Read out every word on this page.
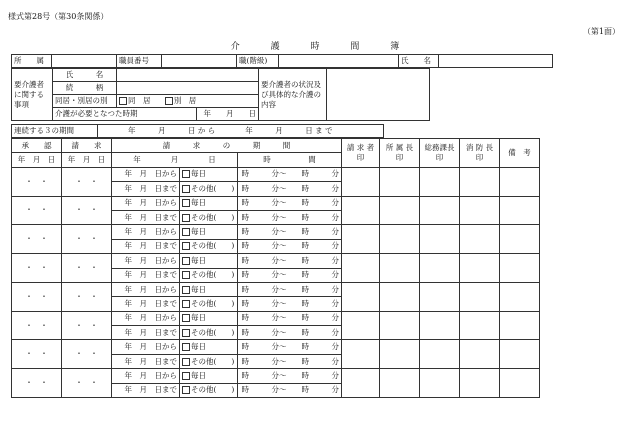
様式第28号（第30条関係）
（第1面）
介	護	時	間	簿
所　　属		職員番号		職(階級)		氏　　名	
要介護者に関する事項	氏　　　名			要介護者の状況及び具体的な介護の内容	
	続　　　柄				
	同居・別居の別	同　居 別　居			
	介護が必要となつた時期		年　　月　　日		
連続する３の期間	年　　　月　　　日 か ら　　　　年　　　月　　　日 ま で
承　　認	請　　求	請　　　求　　　の　　　期　　　間			請 求 者 印	所 属 長 印	総務課長 印	消 防 長 印	備　考
年　月　日	年　月　日	年　　　　月　　　　日		時　　　　　間					
・　・	・　・	年　月　日から	毎日	時　　　分～　　時　　　分					
		年　月　日まで	その他(　　)	時　　　分～　　時　　　分					
・　・	・　・	年　月　日から	毎日	時　　　分～　　時　　　分					
		年　月　日まで	その他(　　)	時　　　分～　　時　　　分					
・　・	・　・	年　月　日から	毎日	時　　　分～　　時　　　分					
		年　月　日まで	その他(　　)	時　　　分～　　時　　　分					
・　・	・　・	年　月　日から	毎日	時　　　分～　　時　　　分					
		年　月　日まで	その他(　　)	時　　　分～　　時　　　分					
・　・	・　・	年　月　日から	毎日	時　　　分～　　時　　　分					
		年　月　日まで	その他(　　)	時　　　分～　　時　　　分					
・　・	・　・	年　月　日から	毎日	時　　　分～　　時　　　分					
		年　月　日まで	その他(　　)	時　　　分～　　時　　　分					
・　・	・　・	年　月　日から	毎日	時　　　分～　　時　　　分					
		年　月　日まで	その他(　　)	時　　　分～　　時　　　分					
・　・	・　・	年　月　日から	毎日	時　　　分～　　時　　　分					
		年　月　日まで	その他(　　)	時　　　分～　　時　　　分					
